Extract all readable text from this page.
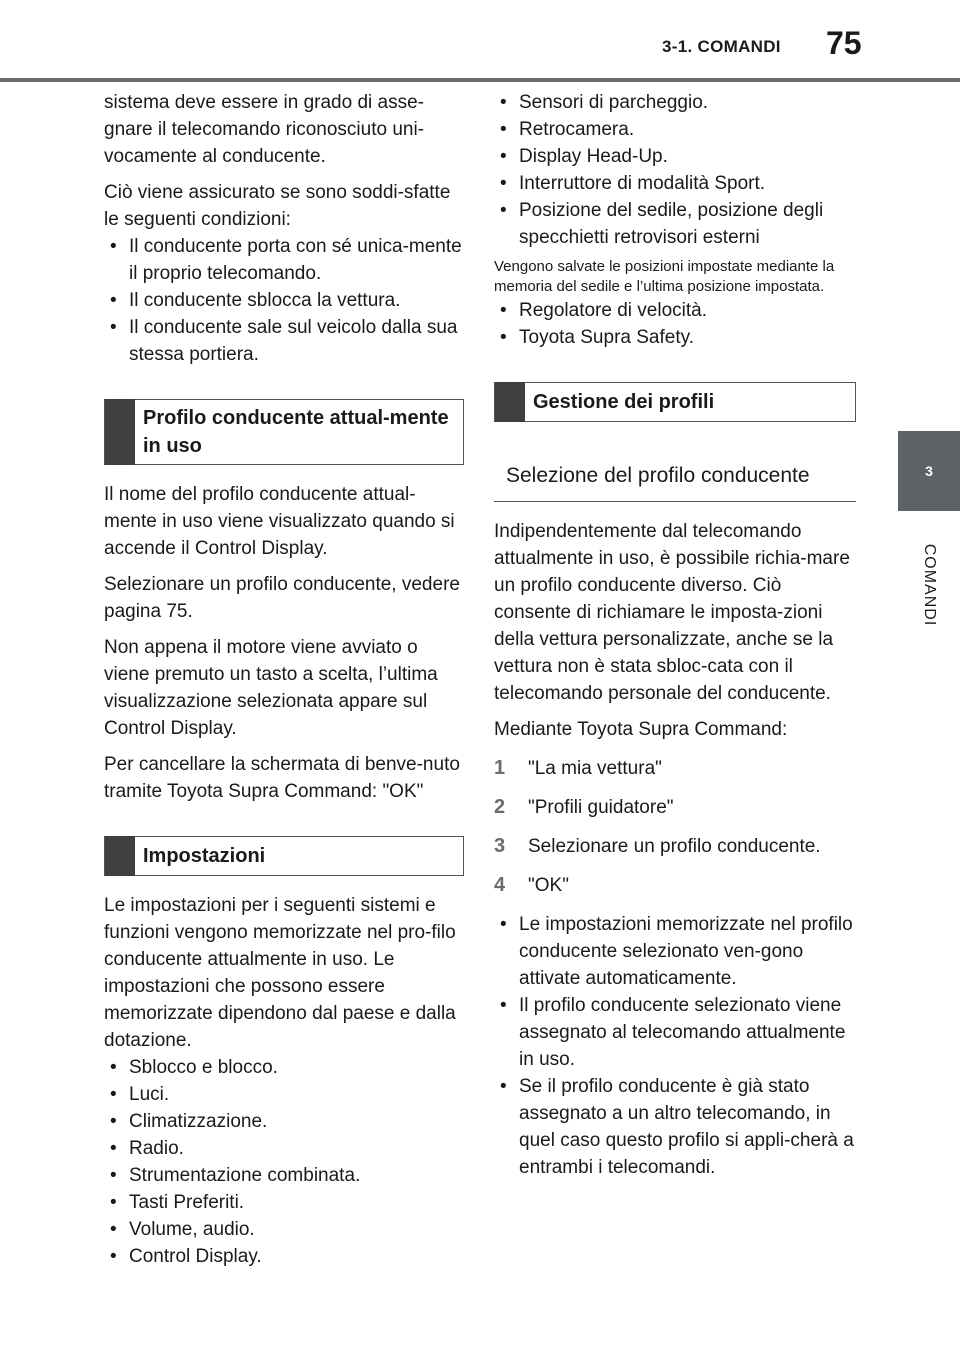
3-1. COMANDI 75
3
COMANDI

sistema deve essere in grado di asse-gnare il telecomando riconosciuto uni-vocamente al conducente.

Ciò viene assicurato se sono soddi-sfatte le seguenti condizioni:

• Il conducente porta con sé unica-mente il proprio telecomando.
• Il conducente sblocca la vettura.
• Il conducente sale sul veicolo dalla sua stessa portiera.
Profilo conducente attual-mente in uso

Il nome del profilo conducente attual-mente in uso viene visualizzato quando si accende il Control Display.

Selezionare un profilo conducente, vedere pagina 75.

Non appena il motore viene avviato o viene premuto un tasto a scelta, l’ultima visualizzazione selezionata appare sul Control Display.

Per cancellare la schermata di benve-nuto tramite Toyota Supra Command: "OK"

Impostazioni

Le impostazioni per i seguenti sistemi e funzioni vengono memorizzate nel pro-filo conducente attualmente in uso. Le impostazioni che possono essere memorizzate dipendono dal paese e dalla dotazione.

• Sblocco e blocco.
• Luci.
• Climatizzazione.
• Radio.
• Strumentazione combinata.
• Tasti Preferiti.
• Volume, audio.
• Control Display.
• Sensori di parcheggio.
• Retrocamera.
• Display Head-Up.
• Interruttore di modalità Sport.
• Posizione del sedile, posizione degli specchietti retrovisori esterni

Vengono salvate le posizioni impostate mediante la memoria del sedile e l’ultima posizione impostata.

• Regolatore di velocità.
• Toyota Supra Safety.
Gestione dei profili
Selezione del profilo conducente

Indipendentemente dal telecomando attualmente in uso, è possibile richia-mare un profilo conducente diverso. Ciò consente di richiamare le imposta-zioni della vettura personalizzate, anche se la vettura non è stata sbloc-cata con il telecomando personale del conducente.

Mediante Toyota Supra Command:

1 "La mia vettura"
2 "Profili guidatore"
3 Selezionare un profilo conducente.
4 "OK"
• Le impostazioni memorizzate nel profilo conducente selezionato ven-gono attivate automaticamente.
• Il profilo conducente selezionato viene assegnato al telecomando attualmente in uso.
• Se il profilo conducente è già stato assegnato a un altro telecomando, in quel caso questo profilo si appli-cherà a entrambi i telecomandi.
